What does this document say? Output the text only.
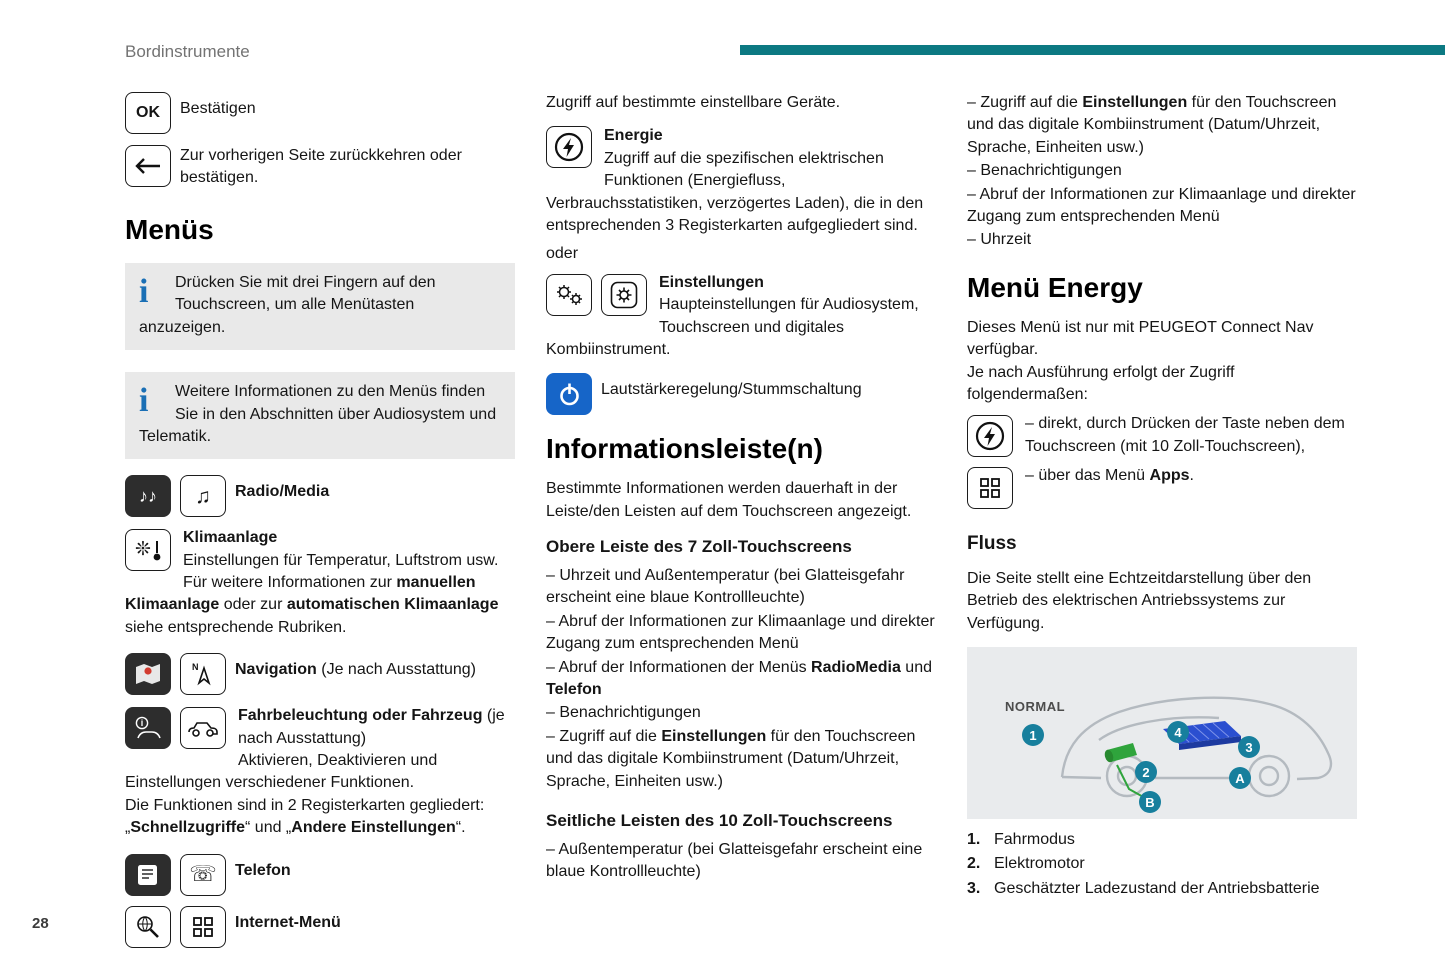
Bordinstrumente
28
OK Bestätigen

Zur vorherigen Seite zurückkehren oder bestätigen.

Menüs
i	Drücken Sie mit drei Fingern auf den Touchscreen, um alle Menütasten anzuzeigen.

i	Weitere Informationen zu den Menüs finden Sie in den Abschnitten über Audiosystem und Telematik.

♪♪ ♫ Radio/Media

❊

Klimaanlage

Einstellungen für Temperatur, Luftstrom usw.

Für weitere Informationen zur manuellen Klimaanlage oder zur automatischen Klimaanlage siehe entsprechende Rubriken.

N Navigation (Je nach Ausstattung)

i	Fahrbeleuchtung oder Fahrzeug (je nach Ausstattung)

Aktivieren, Deaktivieren und Einstellungen verschiedener Funktionen.

Die Funktionen sind in 2 Registerkarten gegliedert:

„Schnellzugriffe“ und „Andere Einstellungen“.

☏ Telefon

Internet-Menü

Zugriff auf bestimmte einstellbare Geräte.

Energie

Zugriff auf die spezifischen elektrischen Funktionen (Energiefluss, Verbrauchsstatistiken, verzögertes Laden), die in den entsprechenden 3 Registerkarten aufgegliedert sind.

oder

Einstellungen

Haupteinstellungen für Audiosystem, Touchscreen und digitales Kombiinstrument.

Lautstärkeregelung/Stummschaltung

Informationsleiste(n)

Bestimmte Informationen werden dauerhaft in der Leiste/den Leisten auf dem Touchscreen angezeigt.

Obere Leiste des 7 Zoll-Touchscreens

– Uhrzeit und Außentemperatur (bei Glatteisgefahr erscheint eine blaue Kontrollleuchte)

– Abruf der Informationen zur Klimaanlage und direkter Zugang zum entsprechenden Menü

– Abruf der Informationen der Menüs RadioMedia und Telefon

– Benachrichtigungen

– Zugriff auf die Einstellungen für den Touchscreen und das digitale Kombiinstrument (Datum/Uhrzeit, Sprache, Einheiten usw.)

Seitliche Leisten des 10 Zoll-Touchscreens

– Außentemperatur (bei Glatteisgefahr erscheint eine blaue Kontrollleuchte)

– Zugriff auf die Einstellungen für den Touchscreen und das digitale Kombiinstrument (Datum/Uhrzeit, Sprache, Einheiten usw.)

– Benachrichtigungen

– Abruf der Informationen zur Klimaanlage und direkter Zugang zum entsprechenden Menü

– Uhrzeit

Menü Energy

Dieses Menü ist nur mit PEUGEOT Connect Nav verfügbar.

Je nach Ausführung erfolgt der Zugriff folgendermaßen:

– direkt, durch Drücken der Taste neben dem Touchscreen (mit 10 Zoll-Touchscreen),

– über das Menü Apps.

Fluss

Die Seite stellt eine Echtzeitdarstellung über den Betrieb des elektrischen Antriebssystems zur Verfügung.

NORMAL
1
2
3
4
A
B
1. Fahrmodus
2. Elektromotor
3. Geschätzter Ladezustand der Antriebsbatterie
